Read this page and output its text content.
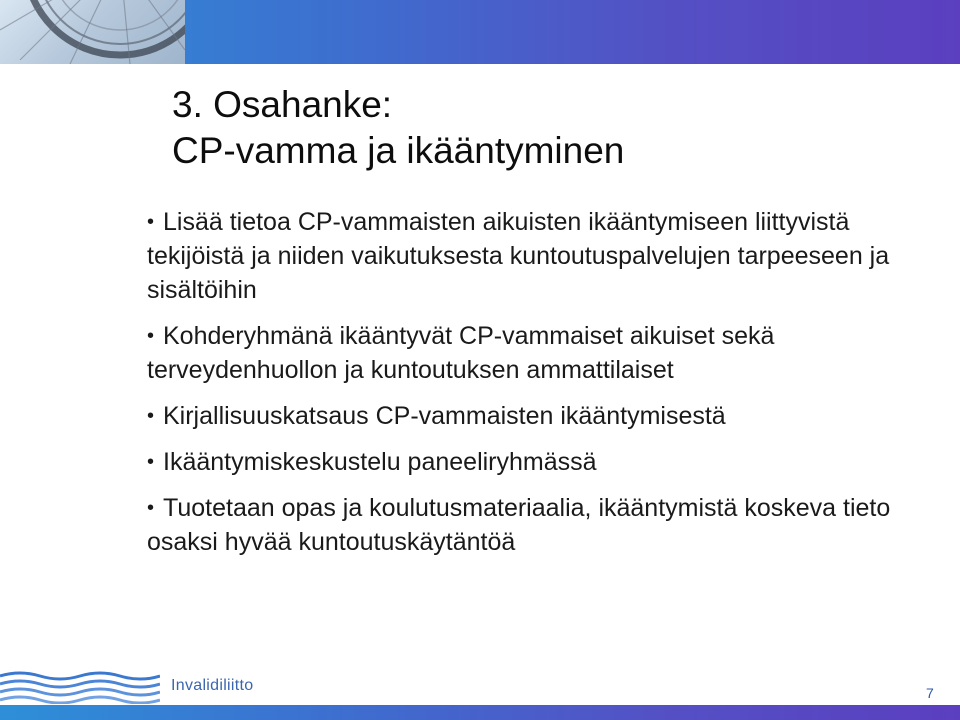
3. Osahanke:
CP-vamma ja ikääntyminen
• Lisää tietoa CP-vammaisten aikuisten ikääntymiseen liittyvistä tekijöistä ja niiden vaikutuksesta kuntoutuspalvelujen tarpeeseen ja sisältöihin
• Kohderyhmänä ikääntyvät CP-vammaiset aikuiset sekä terveydenhuollon ja kuntoutuksen ammattilaiset
• Kirjallisuuskatsaus CP-vammaisten ikääntymisestä
• Ikääntymiskeskustelu paneeliryhmässä
• Tuotetaan opas ja koulutusmateriaalia, ikääntymistä koskeva tieto osaksi hyvää kuntoutuskäytäntöä
Invalidiliitto	7
